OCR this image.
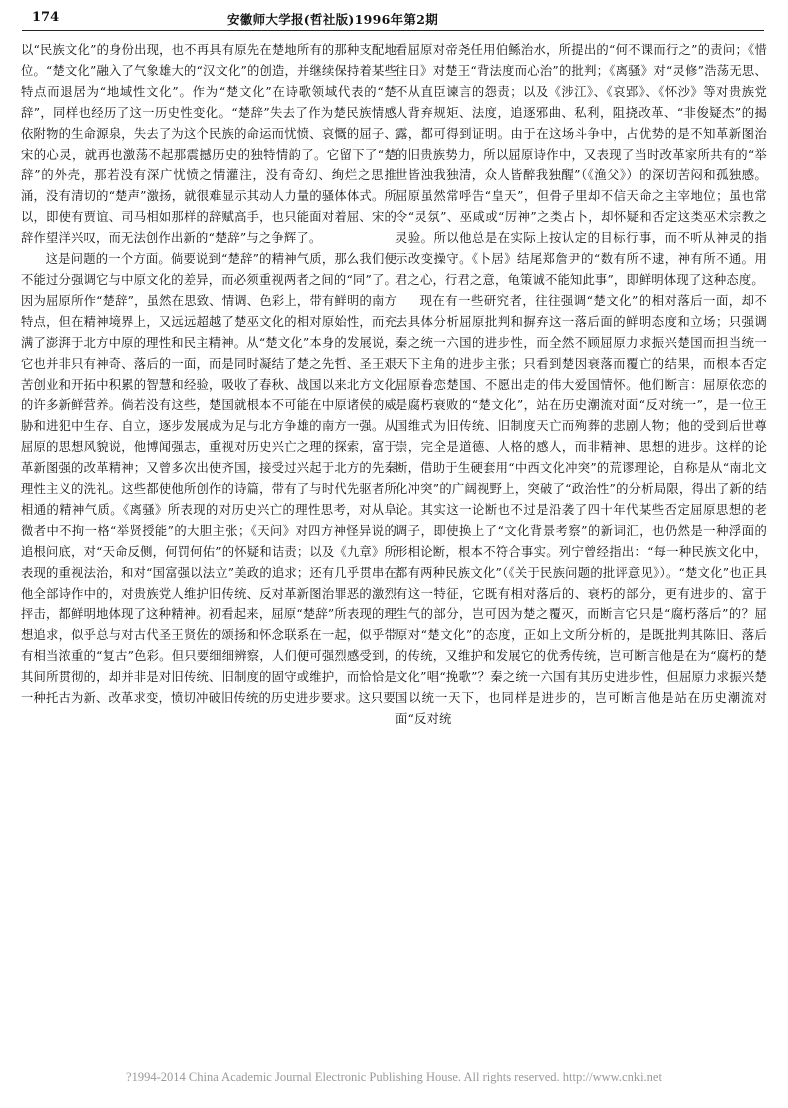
174	安徽师大学报(哲社版)1996年第2期

以“民族文化”的身份出现，也不再具有原先在楚地所有的那种支配地位。“楚文化”融入了气象雄大的“汉文化”的创造，并继续保持着某些特点而退居为“地域性文化”。作为“楚文化”在诗歌领域代表的“楚辞”，同样也经历了这一历史性变化。“楚辞”失去了作为楚民族情感依附物的生命源泉，失去了为这个民族的命运而忧愤、哀慨的屈子、宋的心灵，就再也激荡不起那震撼历史的独特情韵了。它留下了“楚辞”的外壳，那若没有深广忧愤之情灌注，没有奇幻、绚烂之思推涌，没有清切的“楚声”激扬，就很难显示其动人力量的骚体体式。所以，即使有贾谊、司马相如那样的辞赋高手，也只能面对着屈、宋的辞作望洋兴叹，而无法创作出新的“楚辞”与之争辉了。

这是问题的一个方面。倘要说到“楚辞”的精神气质，那么我们便不能过分强调它与中原文化的差异，而必须重视两者之间的“同”了。因为屈原所作“楚辞”，虽然在思致、情调、色彩上，带有鲜明的南方特点，但在精神境界上，又远远超越了楚巫文化的相对原始性，而充满了澎湃于北方中原的理性和民主精神。从“楚文化”本身的发展说，它也并非只有神奇、落后的一面，而是同时凝结了楚之先哲、圣王艰苦创业和开拓中积累的智慧和经验，吸收了春秋、战国以来北方文化的许多新鲜营养。倘若没有这些，楚国就根本不可能在中原诸侯的威胁和进犯中生存、自立，逐步发展成为足与北方争雄的南方一强。从屈原的思想风貌说，他博闻强志，重视对历史兴亡之理的探索，富于革新图强的改革精神；又曾多次出使齐国，接受过兴起于北方的先秦理性主义的洗礼。这些都使他所创作的诗篇，带有了与时代先驱者所相通的精神气质。《离骚》所表现的对历史兴亡的理性思考，对从阜微者中不拘一格“举贤授能”的大胆主张；《天问》对四方神怪异说的追根问底，对“天命反侧，何罚何佑”的怀疑和诘责；以及《九章》所表现的重视法治，和对“国富强以法立”美政的追求；还有几乎贯串在他全部诗作中的，对贵族党人维护旧传统、反对革新图治罪恶的激烈抨击，都鲜明地体现了这种精神。初看起来，屈原“楚辞”所表现的理想追求，似乎总与对古代圣王贤佐的颂扬和怀念联系在一起，似乎带有相当浓重的“复古”色彩。但只要细细辨察，人们便可强烈感受到，其间所贯彻的，却并非是对旧传统、旧制度的固守或维护，而恰恰是一种托古为新、改革求变，愤切冲破旧传统的历史进步要求。这只要

看屈原对帝尧任用伯鲧治水，所提出的“何不课而行之”的责问；《惜往日》对楚王“背法度而心治”的批判；《离骚》对“灵修”浩荡无思、不从直臣谏言的怨责；以及《涉江》、《哀郢》、《怀沙》等对贵族党人背弃规矩、法度，追逐邪曲、私利，阻挠改革、“非俊疑杰”的揭露，都可得到证明。由于在这场斗争中，占优势的是不知革新图治的旧贵族势力，所以屈原诗作中，又表现了当时改革家所共有的“举世皆浊我独清，众人皆醉我独醒”（《渔父》）的深切苦闷和孤独感。屈原虽然常呼告“皇天”，但骨子里却不信天命之主宰地位；虽也常令“灵氛”、巫咸或“厉神”之类占卜，却怀疑和否定这类巫术宗教之灵验。所以他总是在实际上按认定的目标行事，而不听从神灵的指示改变操守。《卜居》结尾郑詹尹的“数有所不逮，神有所不通。用君之心，行君之意，龟策诚不能知此事”，即鲜明体现了这种态度。

现在有一些研究者，往往强调“楚文化”的相对落后一面，却不去具体分析屈原批判和摒弃这一落后面的鲜明态度和立场；只强调秦之统一六国的进步性，而全然不顾屈原力求振兴楚国而担当统一天下主角的进步主张；只看到楚因衰落而覆亡的结果，而根本否定屈原眷恋楚国、不愿出走的伟大爱国情怀。他们断言：屈原依恋的是腐朽衰败的“楚文化”，站在历史潮流对面“反对统一”，是一位王国维式为旧传统、旧制度天亡而殉葬的悲剧人物；他的受到后世尊崇，完全是道德、人格的感人，而非精神、思想的进步。这样的论断，借助于生硬套用“中西文化冲突”的荒谬理论，自称是从“南北文化冲突”的广阔视野上，突破了“政治性”的分析局限，得出了新的结论。其实这一论断也不过是沿袭了四十年代某些否定屈原思想的老调子，即使换上了“文化背景考察”的新词汇，也仍然是一种浮面的形相论断，根本不符合事实。列宁曾经指出：“每一种民族文化中，都有两种民族文化”（《关于民族问题的批评意见》）。“楚文化”也正具有这一特征，它既有相对落后的、衰朽的部分，更有进步的、富于生气的部分，岂可因为楚之覆灭，而断言它只是“腐朽落后”的？屈原对“楚文化”的态度，正如上文所分析的，是既批判其陈旧、落后的传统，又维护和发展它的优秀传统，岂可断言他是在为“腐朽的楚文化”唱“挽歌”？秦之统一六国有其历史进步性，但屈原力求振兴楚国以统一天下，也同样是进步的，岂可断言他是站在历史潮流对面“反对统

?1994-2014 China Academic Journal Electronic Publishing House. All rights reserved. http://www.cnki.net
